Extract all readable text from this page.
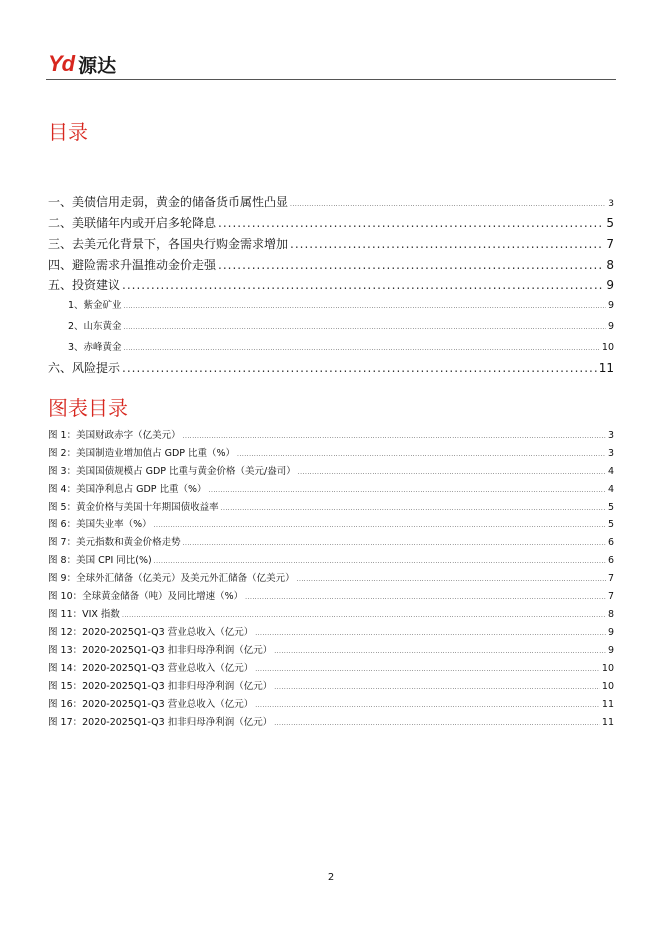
Yd 源达
目录
一、美债信用走弱，黄金的储备货币属性凸显 .....	3
二、美联储年内或开启多轮降息 .....	5
三、去美元化背景下，各国央行购金需求增加 .....	7
四、避险需求升温推动金价走强 .....	8
五、投资建议 .....	9
1、紫金矿业 .....	9
2、山东黄金 .....	9
3、赤峰黄金 .....	10
六、风险提示 .....	11
图表目录
图 1：美国财政赤字（亿美元） .....	3
图 2：美国制造业增加值占 GDP 比重（%） .....	3
图 3：美国国债规模占 GDP 比重与黄金价格（美元/盎司） .....	4
图 4：美国净利息占 GDP 比重（%） .....	4
图 5：黄金价格与美国十年期国债收益率 .....	5
图 6：美国失业率（%） .....	5
图 7：美元指数和黄金价格走势 .....	6
图 8：美国 CPI 同比(%) .....	6
图 9：全球外汇储备（亿美元）及美元外汇储备（亿美元） .....	7
图 10：全球黄金储备（吨）及同比增速（%） .....	7
图 11：VIX 指数 .....	8
图 12：2020-2025Q1-Q3 营业总收入（亿元） .....	9
图 13：2020-2025Q1-Q3 扣非归母净利润（亿元） .....	9
图 14：2020-2025Q1-Q3 营业总收入（亿元） .....	10
图 15：2020-2025Q1-Q3 扣非归母净利润（亿元） .....	10
图 16：2020-2025Q1-Q3 营业总收入（亿元） .....	11
图 17：2020-2025Q1-Q3 扣非归母净利润（亿元） .....	11
2
